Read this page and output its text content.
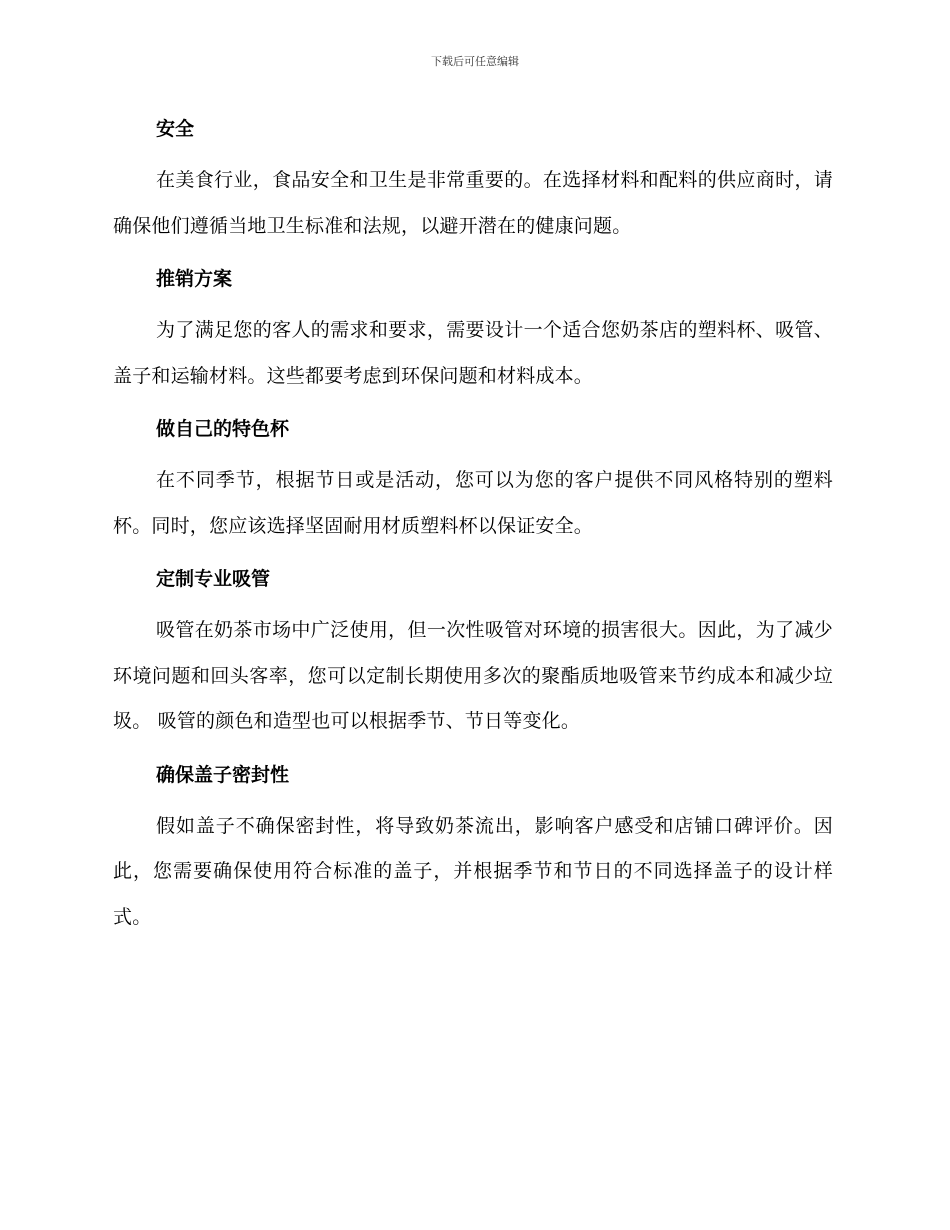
下载后可任意编辑
安全

在美食行业，食品安全和卫生是非常重要的。在选择材料和配料的供应商时，请确保他们遵循当地卫生标准和法规，以避开潜在的健康问题。

推销方案

为了满足您的客人的需求和要求，需要设计一个适合您奶茶店的塑料杯、吸管、盖子和运输材料。这些都要考虑到环保问题和材料成本。

做自己的特色杯

在不同季节，根据节日或是活动，您可以为您的客户提供不同风格特别的塑料杯。同时，您应该选择坚固耐用材质塑料杯以保证安全。

定制专业吸管

吸管在奶茶市场中广泛使用，但一次性吸管对环境的损害很大。因此，为了减少环境问题和回头客率，您可以定制长期使用多次的聚酯质地吸管来节约成本和减少垃圾。 吸管的颜色和造型也可以根据季节、节日等变化。

确保盖子密封性

假如盖子不确保密封性，将导致奶茶流出，影响客户感受和店铺口碑评价。因此，您需要确保使用符合标准的盖子，并根据季节和节日的不同选择盖子的设计样式。
